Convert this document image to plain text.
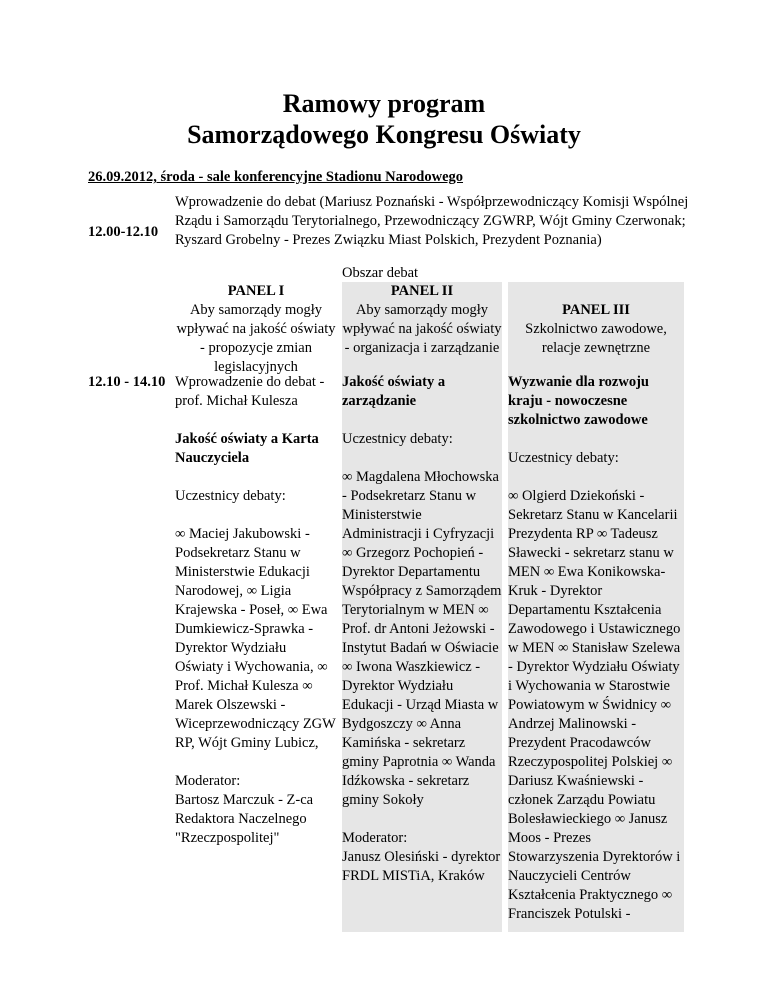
Ramowy program
Samorządowego Kongresu Oświaty
26.09.2012, środa - sale konferencyjne Stadionu Narodowego
12.00-12.10
Wprowadzenie do debat (Mariusz Poznański - Współprzewodniczący Komisji Wspólnej Rządu i Samorządu Terytorialnego, Przewodniczący ZGWRP, Wójt Gminy Czerwonak; Ryszard Grobelny - Prezes Związku Miast Polskich, Prezydent Poznania)
Obszar debat
12.10 - 14.10
PANEL I
Aby samorządy mogły wpływać na jakość oświaty - propozycje zmian legislacyjnych
Wprowadzenie do debat - prof. Michał Kulesza
Jakość oświaty a Karta Nauczyciela
Uczestnicy debaty:
∞ Maciej Jakubowski - Podsekretarz Stanu w Ministerstwie Edukacji Narodowej, ∞ Ligia Krajewska - Poseł, ∞ Ewa Dumkiewicz-Sprawka - Dyrektor Wydziału Oświaty i Wychowania, ∞ Prof. Michał Kulesza ∞ Marek Olszewski - Wiceprzewodniczący ZGW RP, Wójt Gminy Lubicz,
Moderator:
Bartosz Marczuk - Z-ca Redaktora Naczelnego "Rzeczpospolitej"
PANEL II
Aby samorządy mogły wpływać na jakość oświaty - organizacja i zarządzanie
Jakość oświaty a zarządzanie
Uczestnicy debaty:
∞ Magdalena Młochowska - Podsekretarz Stanu w Ministerstwie Administracji i Cyfryzacji ∞ Grzegorz Pochopień - Dyrektor Departamentu Współpracy z Samorządem Terytorialnym w MEN ∞ Prof. dr Antoni Jeżowski - Instytut Badań w Oświacie ∞ Iwona Waszkiewicz - Dyrektor Wydziału Edukacji - Urząd Miasta w Bydgoszczy ∞ Anna Kamińska - sekretarz gminy Paprotnia ∞ Wanda Idźkowska - sekretarz gminy Sokoły
Moderator:
Janusz Olesiński - dyrektor FRDL MISTiA, Kraków
PANEL III
Szkolnictwo zawodowe, relacje zewnętrzne
Wyzwanie dla rozwoju kraju - nowoczesne szkolnictwo zawodowe
Uczestnicy debaty:
∞ Olgierd Dziekoński - Sekretarz Stanu w Kancelarii Prezydenta RP ∞ Tadeusz Sławecki - sekretarz stanu w MEN ∞ Ewa Konikowska-Kruk - Dyrektor Departamentu Kształcenia Zawodowego i Ustawicznego w MEN ∞ Stanisław Szelewa - Dyrektor Wydziału Oświaty i Wychowania w Starostwie Powiatowym w Świdnicy ∞ Andrzej Malinowski - Prezydent Pracodawców Rzeczypospolitej Polskiej ∞ Dariusz Kwaśniewski - członek Zarządu Powiatu Bolesławieckiego ∞ Janusz Moos - Prezes Stowarzyszenia Dyrektorów i Nauczycieli Centrów Kształcenia Praktycznego ∞ Franciszek Potulski -
